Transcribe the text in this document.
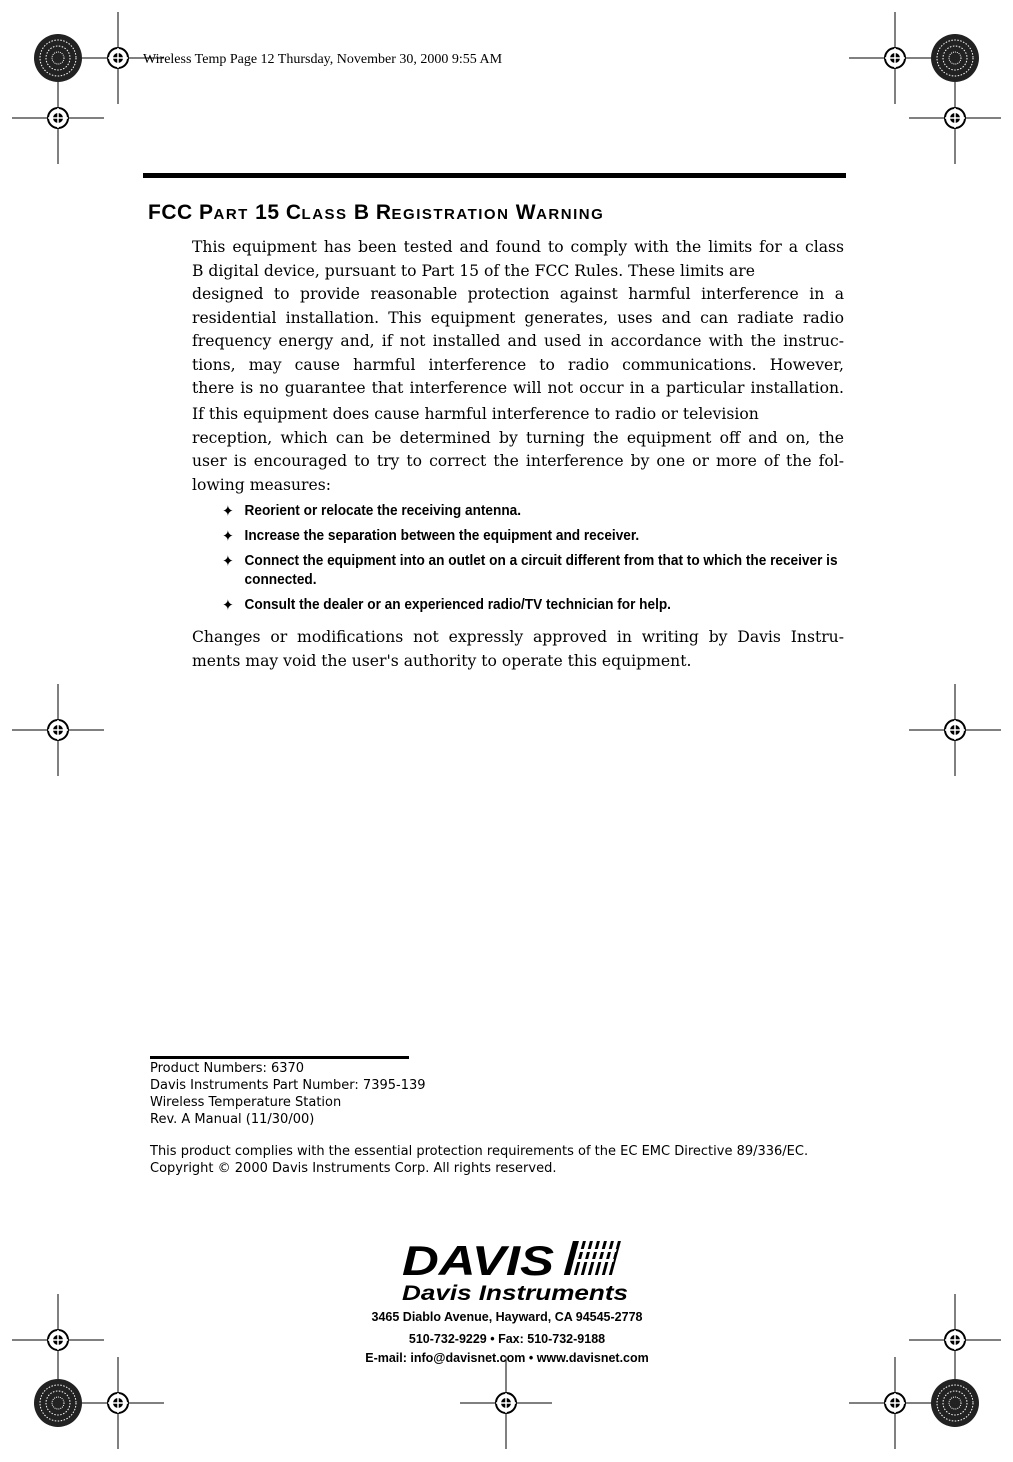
Wireless Temp Page 12 Thursday, November 30, 2000 9:55 AM
FCC PART 15 CLASS B REGISTRATION WARNING
This equipment has been tested and found to comply with the limits for a class
B digital device, pursuant to Part 15 of the FCC Rules. These limits are
designed to provide reasonable protection against harmful interference in a
residential installation. This equipment generates, uses and can radiate radio
frequency energy and, if not installed and used in accordance with the instruc-
tions, may cause harmful interference to radio communications. However,
there is no guarantee that interference will not occur in a particular installation.
If this equipment does cause harmful interference to radio or television
reception, which can be determined by turning the equipment off and on, the
user is encouraged to try to correct the interference by one or more of the fol-
lowing measures:
✦ Reorient or relocate the receiving antenna.
✦ Increase the separation between the equipment and receiver.
✦ Connect the equipment into an outlet on a circuit different from that to which the receiver is connected.
✦ Consult the dealer or an experienced radio/TV technician for help.
Changes or modifications not expressly approved in writing by Davis Instru-
ments may void the user's authority to operate this equipment.
Product Numbers: 6370
Davis Instruments Part Number: 7395-139
Wireless Temperature Station
Rev. A Manual (11/30/00)
This product complies with the essential protection requirements of the EC EMC Directive 89/336/EC.
Copyright © 2000 Davis Instruments Corp. All rights reserved.
DAVIS
Davis Instruments
3465 Diablo Avenue, Hayward, CA 94545-2778
510-732-9229 • Fax: 510-732-9188
E-mail: info@davisnet.com • www.davisnet.com
